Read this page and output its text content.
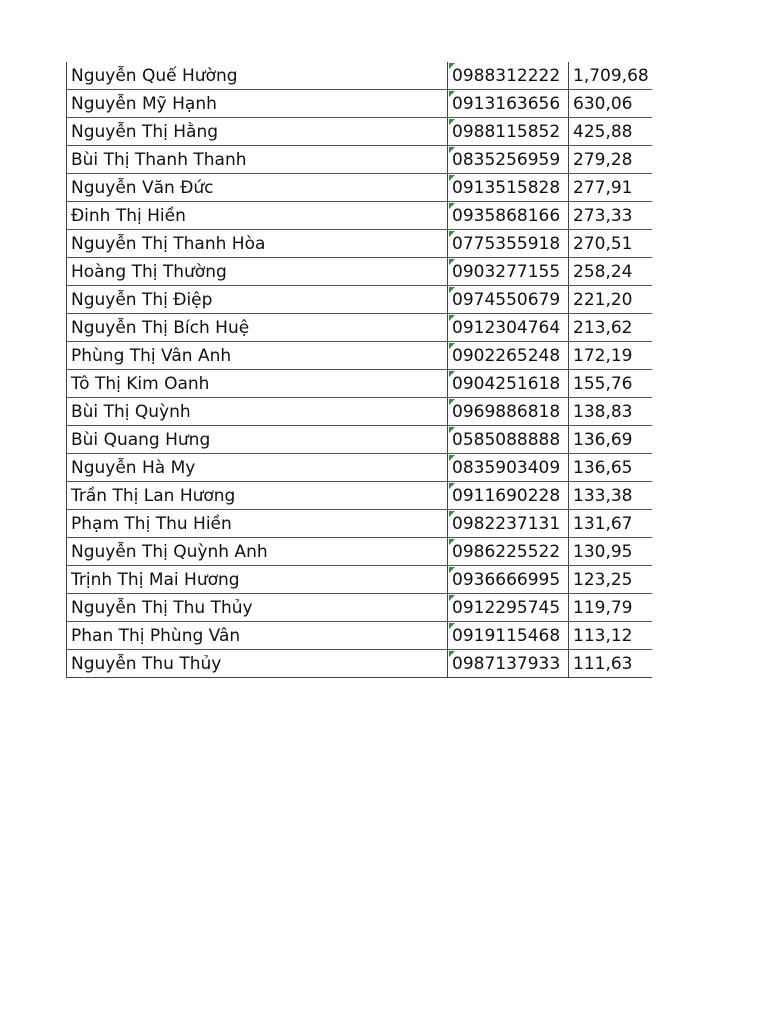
Nguyễn Quế Hường	0988312222	1,709,68
Nguyễn Mỹ Hạnh	0913163656	630,06
Nguyễn Thị Hằng	0988115852	425,88
Bùi Thị Thanh Thanh	0835256959	279,28
Nguyễn Văn Đức	0913515828	277,91
Đinh Thị Hiền	0935868166	273,33
Nguyễn Thị Thanh Hòa	0775355918	270,51
Hoàng Thị Thường	0903277155	258,24
Nguyễn Thị Điệp	0974550679	221,20
Nguyễn Thị Bích Huệ	0912304764	213,62
Phùng Thị Vân Anh	0902265248	172,19
Tô Thị Kim Oanh	0904251618	155,76
Bùi Thị Quỳnh	0969886818	138,83
Bùi Quang Hưng	0585088888	136,69
Nguyễn Hà My	0835903409	136,65
Trần Thị Lan Hương	0911690228	133,38
Phạm Thị Thu Hiền	0982237131	131,67
Nguyễn Thị Quỳnh Anh	0986225522	130,95
Trịnh Thị Mai Hương	0936666995	123,25
Nguyễn Thị Thu Thủy	0912295745	119,79
Phan Thị Phùng Vân	0919115468	113,12
Nguyễn Thu Thủy	0987137933	111,63
